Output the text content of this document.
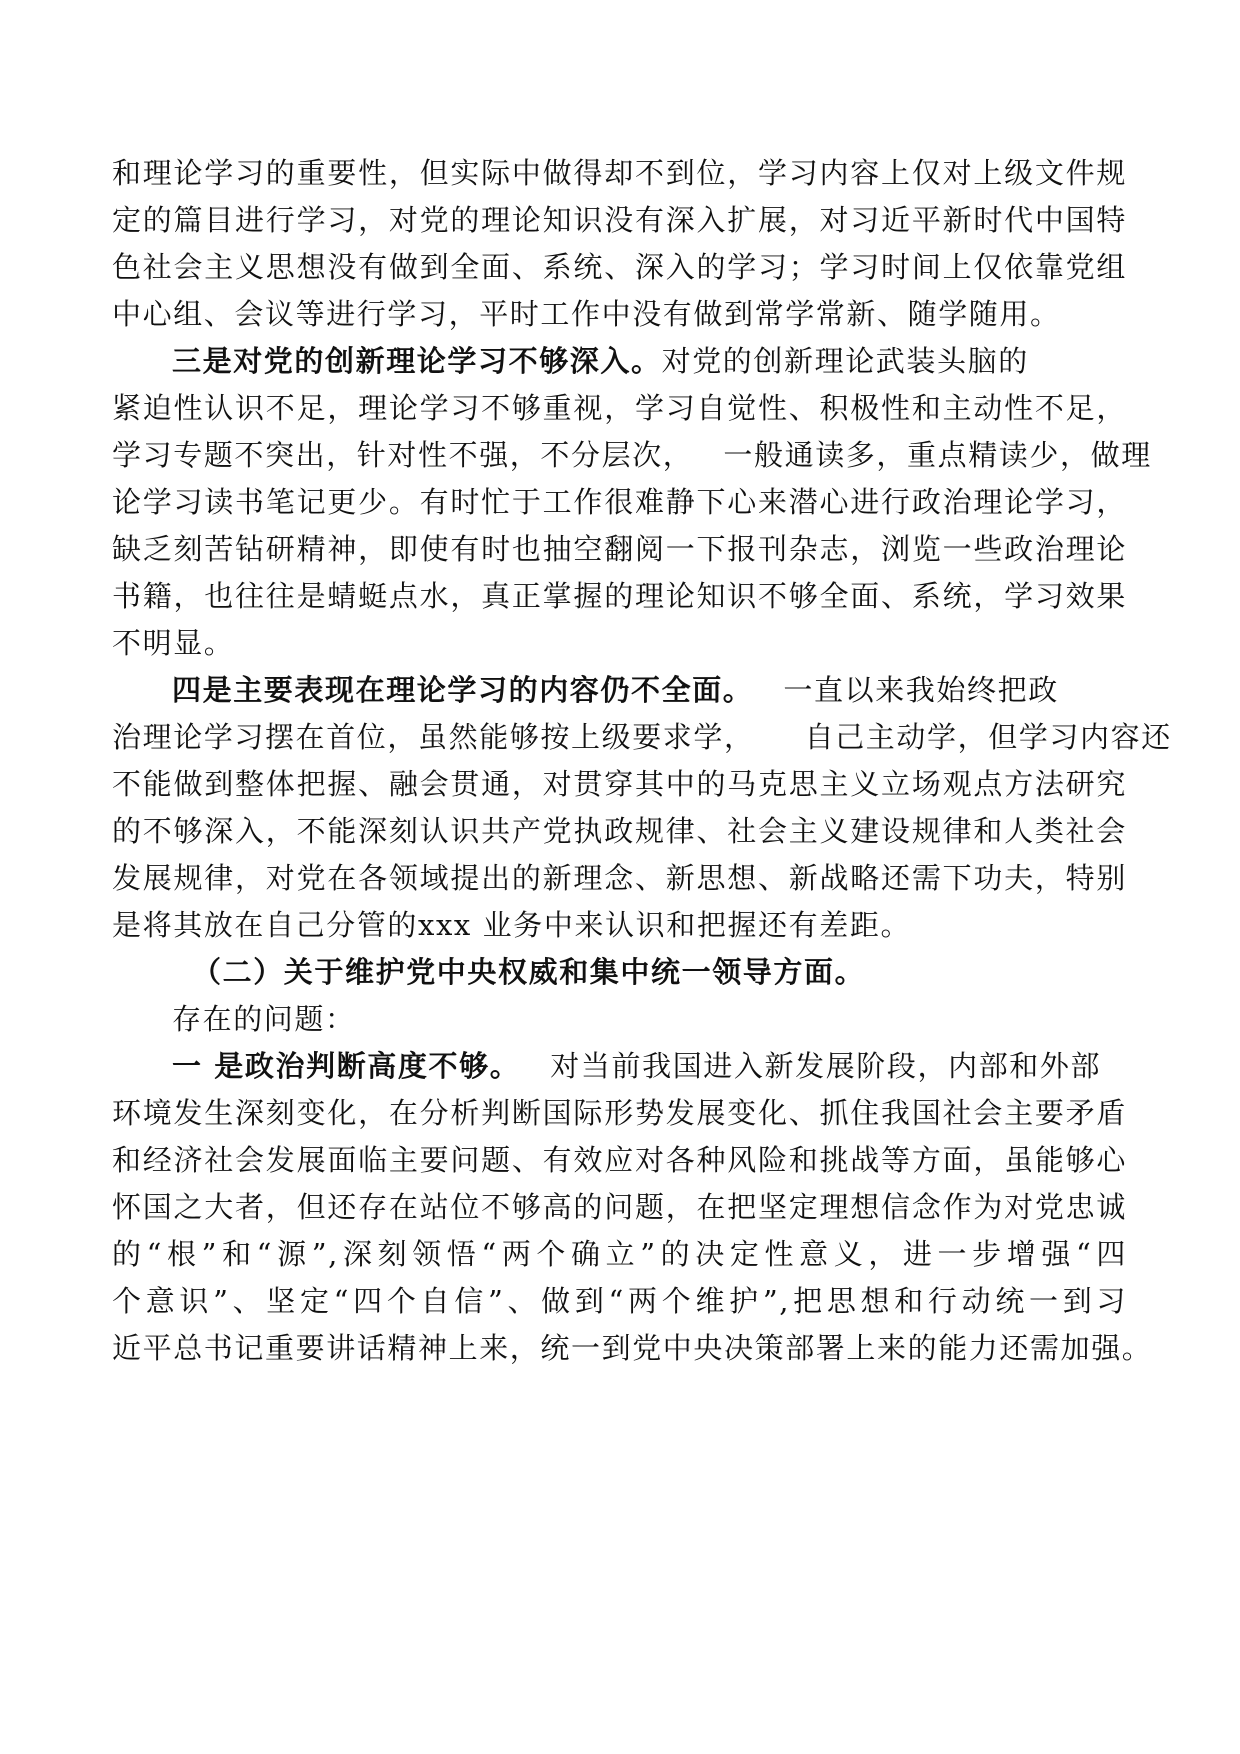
和理论学习的重要性，但实际中做得却不到位，学习内容上仅对上级文件规
定的篇目进行学习，对党的理论知识没有深入扩展，对习近平新时代中国特
色社会主义思想没有做到全面、系统、深入的学习；学习时间上仅依靠党组
中心组、会议等进行学习，平时工作中没有做到常学常新、随学随用。
三是对党的创新理论学习不够深入。对党的创新理论武装头脑的
紧迫性认识不足，理论学习不够重视，学习自觉性、积极性和主动性不足，
学习专题不突出，针对性不强，不分层次， 一般通读多，重点精读少，做理
论学习读书笔记更少。有时忙于工作很难静下心来潜心进行政治理论学习，
缺乏刻苦钻研精神，即使有时也抽空翻阅一下报刊杂志，浏览一些政治理论
书籍，也往往是蜻蜓点水，真正掌握的理论知识不够全面、系统，学习效果
不明显。
四是主要表现在理论学习的内容仍不全面。 一直以来我始终把政
治理论学习摆在首位，虽然能够按上级要求学， 自己主动学，但学习内容还
不能做到整体把握、融会贯通，对贯穿其中的马克思主义立场观点方法研究
的不够深入，不能深刻认识共产党执政规律、社会主义建设规律和人类社会
发展规律，对党在各领域提出的新理念、新思想、新战略还需下功夫，特别
是将其放在自己分管的xxx 业务中来认识和把握还有差距。
（二）关于维护党中央权威和集中统一领导方面。
存在的问题：
一 是政治判断高度不够。 对当前我国进入新发展阶段，内部和外部
环境发生深刻变化，在分析判断国际形势发展变化、抓住我国社会主要矛盾
和经济社会发展面临主要问题、有效应对各种风险和挑战等方面，虽能够心
怀国之大者，但还存在站位不够高的问题，在把坚定理想信念作为对党忠诚
的“根”和“源”,深刻领悟“两个确立”的决定性意义，进一步增强“四
个意识”、坚定“四个自信”、做到“两个维护”,把思想和行动统一到习
近平总书记重要讲话精神上来，统一到党中央决策部署上来的能力还需加强。
